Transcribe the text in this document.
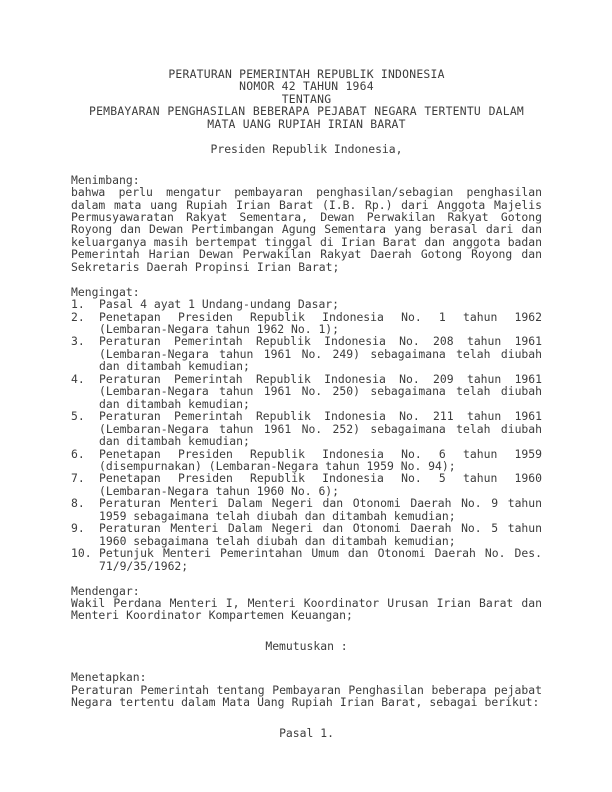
PERATURAN PEMERINTAH REPUBLIK INDONESIA
NOMOR 42 TAHUN 1964
TENTANG
PEMBAYARAN PENGHASILAN BEBERAPA PEJABAT NEGARA TERTENTU DALAM
MATA UANG RUPIAH IRIAN BARAT
Presiden Republik Indonesia,
Menimbang:
bahwa perlu mengatur pembayaran penghasilan/sebagian penghasilan dalam mata uang Rupiah Irian Barat (I.B. Rp.) dari Anggota Majelis Permusyawaratan Rakyat Sementara, Dewan Perwakilan Rakyat Gotong Royong dan Dewan Pertimbangan Agung Sementara yang berasal dari dan keluarganya masih bertempat tinggal di Irian Barat dan anggota badan Pemerintah Harian Dewan Perwakilan Rakyat Daerah Gotong Royong dan Sekretaris Daerah Propinsi Irian Barat;
Mengingat:
1. Pasal 4 ayat 1 Undang-undang Dasar;
2. Penetapan Presiden Republik Indonesia No. 1 tahun 1962 (Lembaran-Negara tahun 1962 No. 1);
3. Peraturan Pemerintah Republik Indonesia No. 208 tahun 1961 (Lembaran-Negara tahun 1961 No. 249) sebagaimana telah diubah dan ditambah kemudian;
4. Peraturan Pemerintah Republik Indonesia No. 209 tahun 1961 (Lembaran-Negara tahun 1961 No. 250) sebagaimana telah diubah dan ditambah kemudian;
5. Peraturan Pemerintah Republik Indonesia No. 211 tahun 1961 (Lembaran-Negara tahun 1961 No. 252) sebagaimana telah diubah dan ditambah kemudian;
6. Penetapan Presiden Republik Indonesia No. 6 tahun 1959 (disempurnakan) (Lembaran-Negara tahun 1959 No. 94);
7. Penetapan Presiden Republik Indonesia No. 5 tahun 1960 (Lembaran-Negara tahun 1960 No. 6);
8. Peraturan Menteri Dalam Negeri dan Otonomi Daerah No. 9 tahun 1959 sebagaimana telah diubah dan ditambah kemudian;
9. Peraturan Menteri Dalam Negeri dan Otonomi Daerah No. 5 tahun 1960 sebagaimana telah diubah dan ditambah kemudian;
10. Petunjuk Menteri Pemerintahan Umum dan Otonomi Daerah No. Des. 71/9/35/1962;
Mendengar:
Wakil Perdana Menteri I, Menteri Koordinator Urusan Irian Barat dan Menteri Koordinator Kompartemen Keuangan;
Memutuskan :
Menetapkan:
Peraturan Pemerintah tentang Pembayaran Penghasilan beberapa pejabat Negara tertentu dalam Mata Uang Rupiah Irian Barat, sebagai berikut:
Pasal 1.
